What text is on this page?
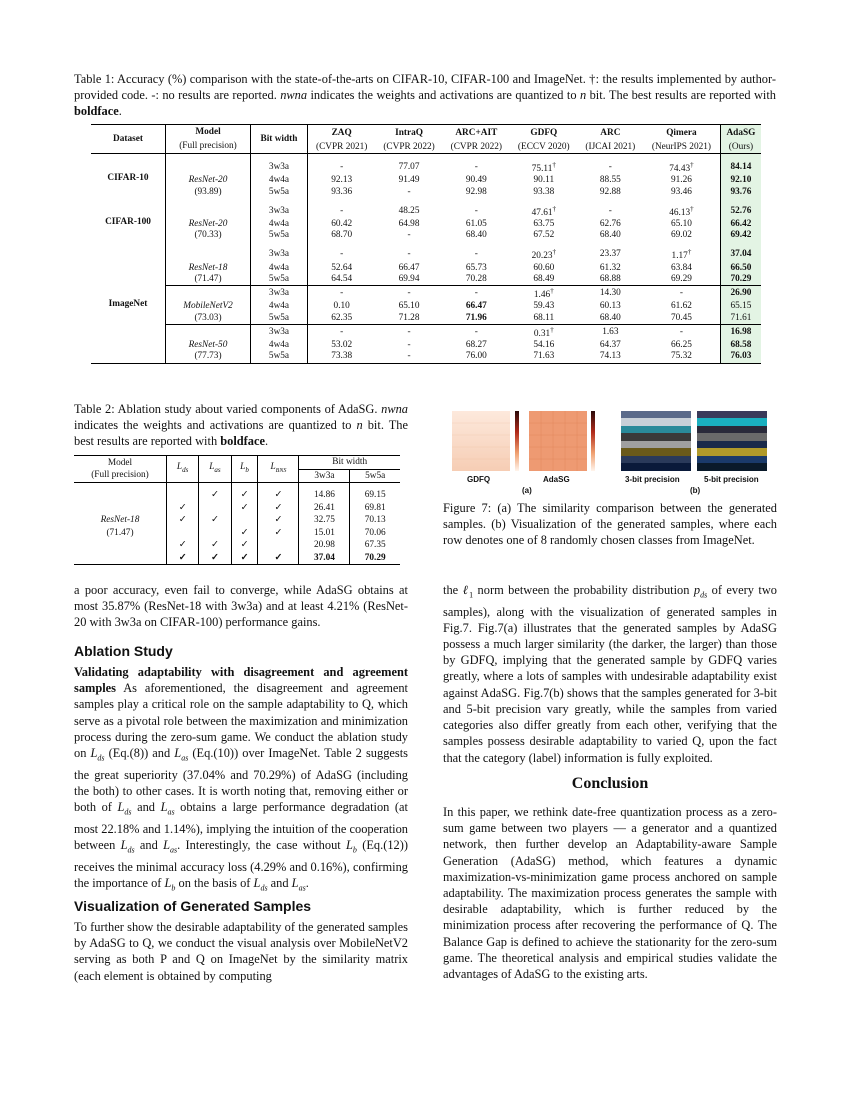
Table 1: Accuracy (%) comparison with the state-of-the-arts on CIFAR-10, CIFAR-100 and ImageNet. †: the results implemented by author-provided code. -: no results are reported. nwna indicates the weights and activations are quantized to n bit. The best results are reported with boldface.
Dataset	Model
(Full precision)	Bit width	ZAQ	IntraQ	ARC+AIT	GDFQ	ARC	Qimera	AdaSG
			(CVPR 2021)	(CVPR 2022)	(CVPR 2022)	(ECCV 2020)	(IJCAI 2021)	(NeurIPS 2021)	(Ours)

CIFAR-10		3w3a	-	77.07	-	75.11†	-	74.43†	84.14
	ResNet-20	4w4a	92.13	91.49	90.49	90.11	88.55	91.26	92.10
	(93.89)	5w5a	93.36	-	92.98	93.38	92.88	93.46	93.76

CIFAR-100		3w3a	-	48.25	-	47.61†	-	46.13†	52.76
	ResNet-20	4w4a	60.42	64.98	61.05	63.75	62.76	65.10	66.42
	(70.33)	5w5a	68.70	-	68.40	67.52	68.40	69.02	69.42

ImageNet		3w3a	-	-	-	20.23†	23.37	1.17†	37.04
	ResNet-18	4w4a	52.64	66.47	65.73	60.60	61.32	63.84	66.50
	(71.47)	5w5a	64.54	69.94	70.28	68.49	68.88	69.29	70.29
		3w3a	-	-	-	1.46†	14.30	-	26.90
	MobileNetV2	4w4a	0.10	65.10	66.47	59.43	60.13	61.62	65.15
	(73.03)	5w5a	62.35	71.28	71.96	68.11	68.40	70.45	71.61
		3w3a	-	-	-	0.31†	1.63	-	16.98
	ResNet-50	4w4a	53.02	-	68.27	54.16	64.37	66.25	68.58
	(77.73)	5w5a	73.38	-	76.00	71.63	74.13	75.32	76.03
Table 2: Ablation study about varied components of AdaSG. nwna indicates the weights and activations are quantized to n bit. The best results are reported with boldface.
Model
(Full precision)	$L_{ds}$	$L_{as}$	$L_b$	$L_{BNS}$	Bit width	
					3w3a	5w5a

ResNet-18
(71.47)		✓	✓	✓	14.86	69.15
	✓		✓	✓	26.41	69.81
	✓	✓		✓	32.75	70.13
			✓	✓	15.01	70.06
	✓	✓	✓		20.98	67.35
	✓	✓	✓	✓	37.04	70.29
GDFQ	AdaSG	3-bit precision	5-bit precision
(a)	(b)
Figure 7: (a) The similarity comparison between the generated samples. (b) Visualization of the generated samples, where each row denotes one of 8 randomly chosen classes from ImageNet.
a poor accuracy, even fail to converge, while AdaSG obtains at most 35.87% (ResNet-18 with 3w3a) and at least 4.21% (ResNet-20 with 3w3a on CIFAR-100) performance gains.
Ablation Study
Validating adaptability with disagreement and agreement samples As aforementioned, the disagreement and agreement samples play a critical role on the sample adaptability to Q, which serve as a pivotal role between the maximization and minimization process during the zero-sum game. We conduct the ablation study on $L_{ds}$ (Eq.(8)) and $L_{as}$ (Eq.(10)) over ImageNet. Table 2 suggests the great superiority (37.04% and 70.29%) of AdaSG (including the both) to other cases. It is worth noting that, removing either or both of $L_{ds}$ and $L_{as}$ obtains a large performance degradation (at most 22.18% and 1.14%), implying the intuition of the cooperation between $L_{ds}$ and $L_{as}$. Interestingly, the case without $L_b$ (Eq.(12)) receives the minimal accuracy loss (4.29% and 0.16%), confirming the importance of $L_b$ on the basis of $L_{ds}$ and $L_{as}$.
Visualization of Generated Samples
To further show the desirable adaptability of the generated samples by AdaSG to Q, we conduct the visual analysis over MobileNetV2 serving as both P and Q on ImageNet by the similarity matrix (each element is obtained by computing
the ℓ$_1$ norm between the probability distribution $p_{ds}$ of every two samples), along with the visualization of generated samples in Fig.7. Fig.7(a) illustrates that the generated samples by AdaSG possess a much larger similarity (the darker, the larger) than those by GDFQ, implying that the generated sample by GDFQ varies greatly, where a lots of samples with undesirable adaptability exist against AdaSG. Fig.7(b) shows that the samples generated for 3-bit and 5-bit precision vary greatly, while the samples from varied categories also differ greatly from each other, verifying that the samples possess desirable adaptability to varied Q, upon the fact that the category (label) information is fully exploited.
Conclusion
In this paper, we rethink date-free quantization process as a zero-sum game between two players — a generator and a quantized network, then further develop an Adaptability-aware Sample Generation (AdaSG) method, which features a dynamic maximization-vs-minimization game process anchored on sample adaptability. The maximization process generates the sample with desirable adaptability, which is further reduced by the minimization process after recovering the performance of Q. The Balance Gap is defined to achieve the stationarity for the zero-sum game. The theoretical analysis and empirical studies validate the advantages of AdaSG to the existing arts.
